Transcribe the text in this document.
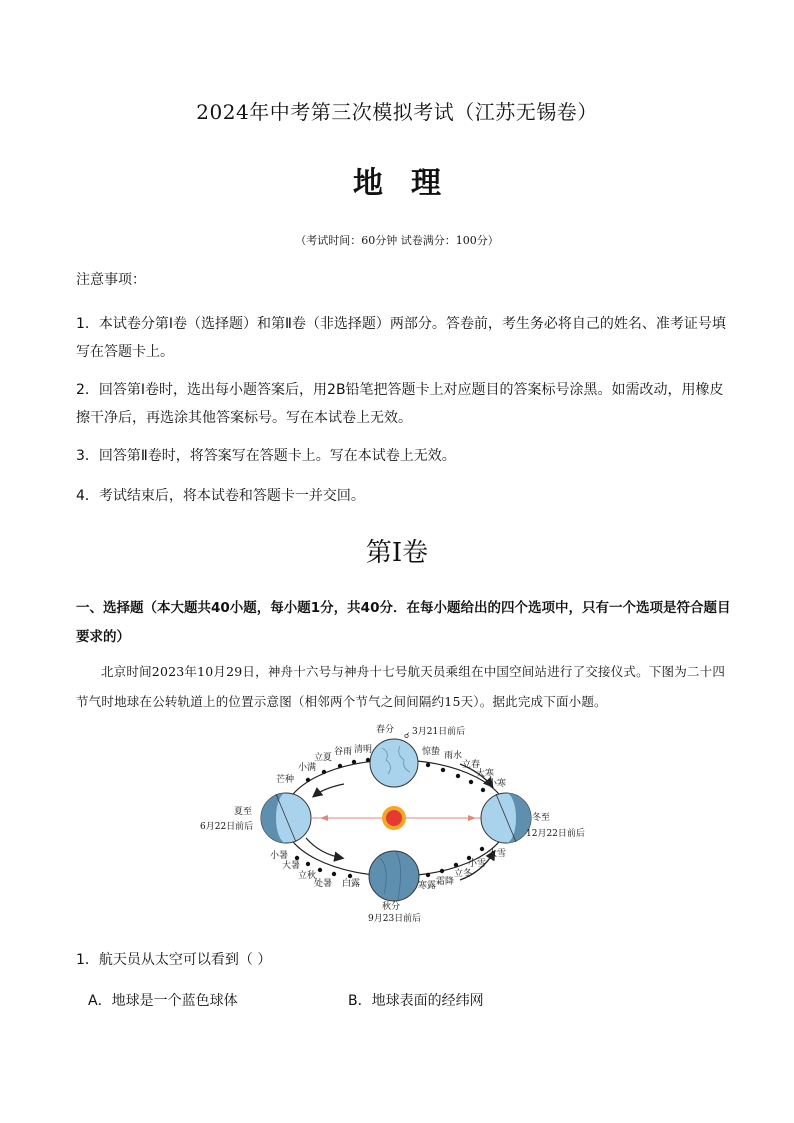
2024年中考第三次模拟考试（江苏无锡卷）
地理
（考试时间：60分钟 试卷满分：100分）
注意事项：
1．本试卷分第Ⅰ卷（选择题）和第Ⅱ卷（非选择题）两部分。答卷前，考生务必将自己的姓名、准考证号填写在答题卡上。
2．回答第Ⅰ卷时，选出每小题答案后，用2B铅笔把答题卡上对应题目的答案标号涂黑。如需改动，用橡皮擦干净后，再选涂其他答案标号。写在本试卷上无效。
3．回答第Ⅱ卷时，将答案写在答题卡上。写在本试卷上无效。
4．考试结束后，将本试卷和答题卡一并交回。
第Ⅰ卷
一、选择题（本大题共40小题，每小题1分，共40分．在每小题给出的四个选项中，只有一个选项是符合题目要求的）
北京时间2023年10月29日，神舟十六号与神舟十七号航天员乘组在中国空间站进行了交接仪式。下图为二十四节气时地球在公转轨道上的位置示意图（相邻两个节气之间间隔约15天）。据此完成下面小题。
☌
春分 3月21日前后
夏至
6月22日前后
秋分
9月23日前后
冬至
12月22日前后
清明
谷雨
立夏
小满
芒种
惊蛰 雨水
立春
大寒
小寒
小暑
大暑
立秋
处暑 白露	寒露 霜降
立冬
小雪
大雪
1．航天员从太空可以看到（ ）
A．地球是一个蓝色球体	B．地球表面的经纬网
